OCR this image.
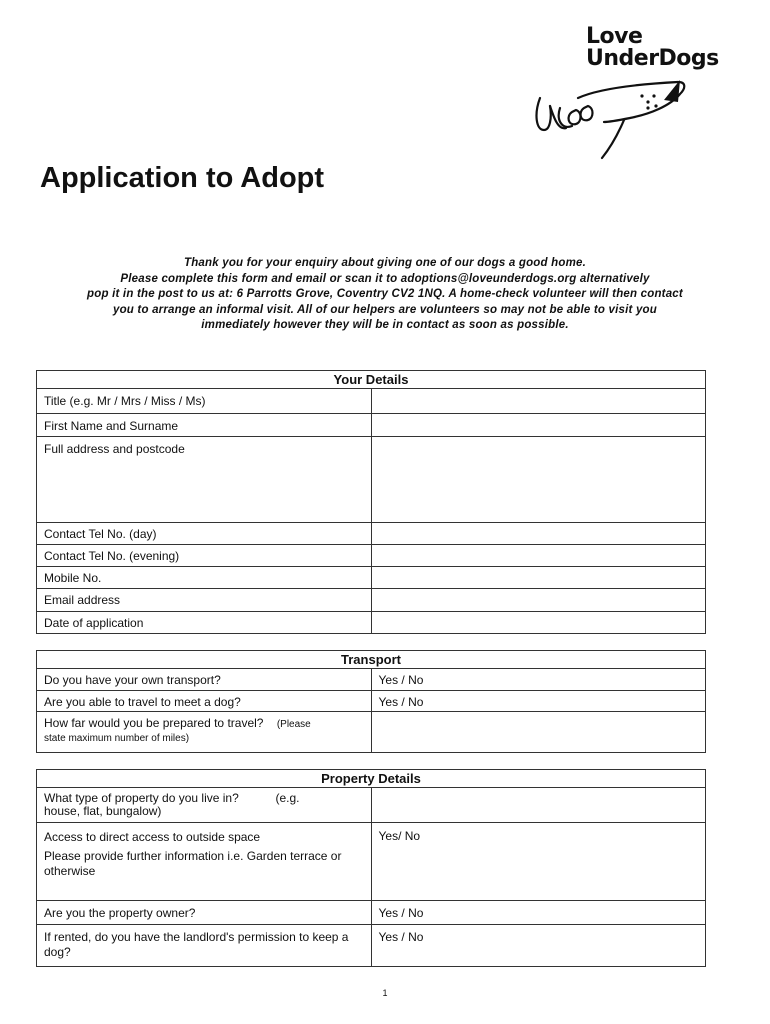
Love
UnderDogs
Application to Adopt
Thank you for your enquiry about giving one of our dogs a good home.
Please complete this form and email or scan it to adoptions@loveunderdogs.org alternatively
pop it in the post to us at: 6 Parrotts Grove, Coventry CV2 1NQ. A home-check volunteer will then contact
you to arrange an informal visit. All of our helpers are volunteers so may not be able to visit you
immediately however they will be in contact as soon as possible.
Your Details	
Title (e.g. Mr / Mrs / Miss / Ms)	
First Name and Surname	
Full address and postcode	
Contact Tel No. (day)	
Contact Tel No. (evening)	
Mobile No.	
Email address	
Date of application	
Transport	
Do you have your own transport?	Yes / No
Are you able to travel to meet a dog?	Yes / No
How far would you be prepared to travel? (Please
state maximum number of miles)	

Property Details	
What type of property do you live in? (e.g.
house, flat, bungalow)	

Access to direct access to outside space
Please provide further information i.e. Garden terrace or otherwise	Yes/ No
Are you the property owner?	Yes / No
If rented, do you have the landlord's permission to keep a dog?	Yes / No
1
